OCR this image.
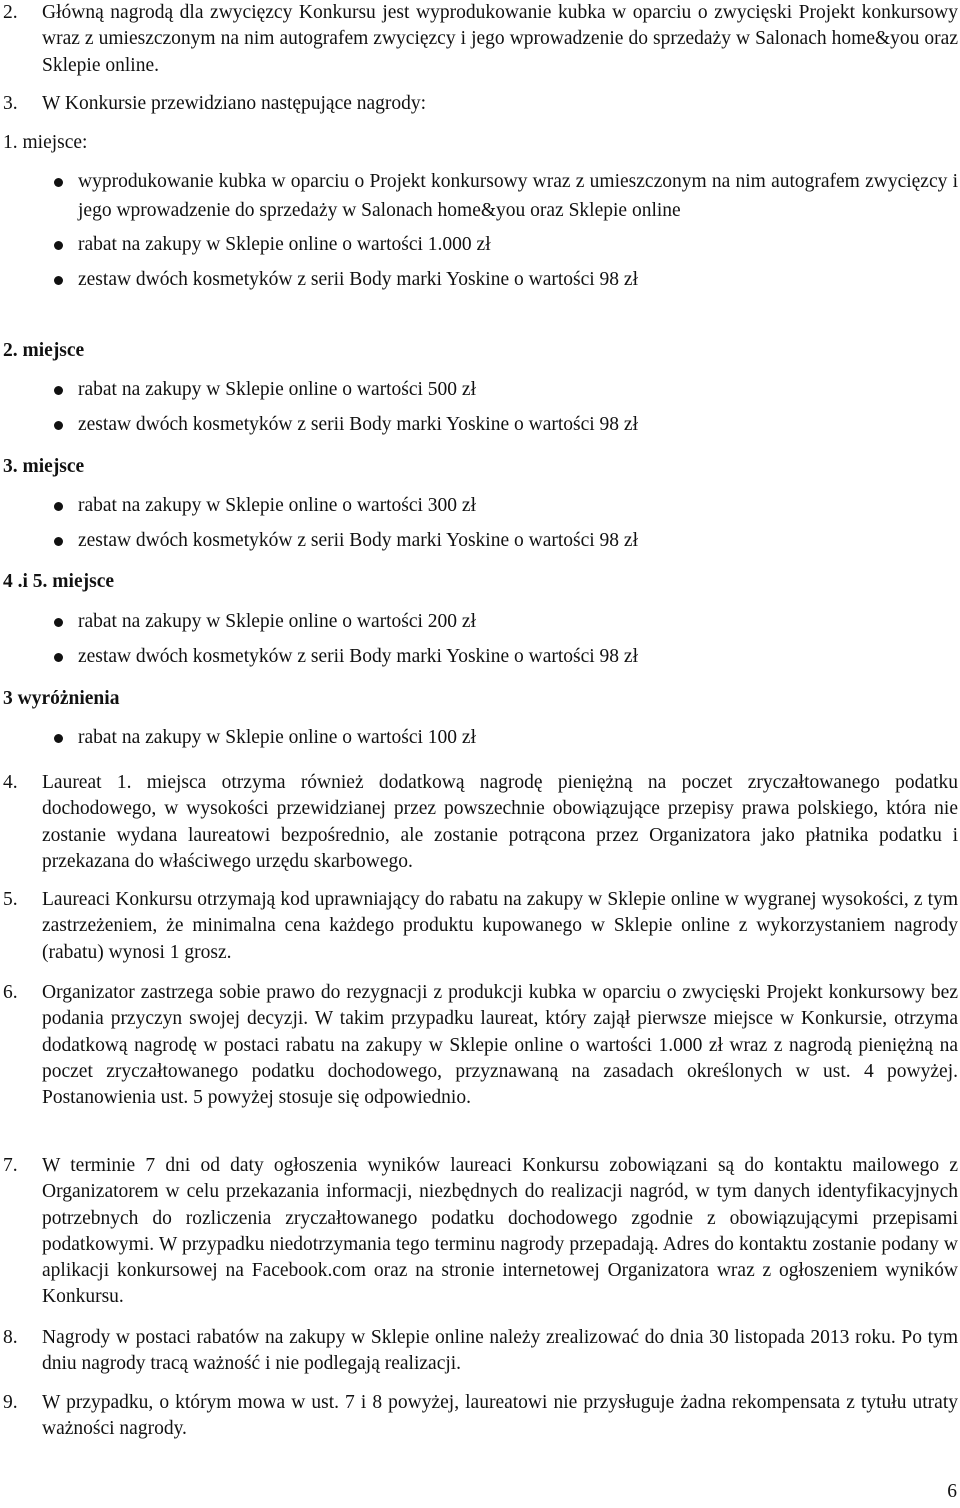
2. Główną nagrodą dla zwycięzcy Konkursu jest wyprodukowanie kubka w oparciu o zwycięski Projekt konkursowy wraz z umieszczonym na nim autografem zwycięzcy i jego wprowadzenie do sprzedaży w Salonach home&you oraz Sklepie online.
3. W Konkursie przewidziano następujące nagrody:
1. miejsce:
wyprodukowanie kubka w oparciu o Projekt konkursowy wraz z umieszczonym na nim autografem zwycięzcy i jego wprowadzenie do sprzedaży w Salonach home&you oraz Sklepie online
rabat na zakupy w Sklepie online o wartości 1.000 zł
zestaw dwóch kosmetyków z serii Body marki Yoskine o wartości 98 zł
2. miejsce
rabat na zakupy w Sklepie online o wartości 500 zł
zestaw dwóch kosmetyków z serii Body marki Yoskine o wartości 98 zł
3. miejsce
rabat na zakupy w Sklepie online o wartości 300 zł
zestaw dwóch kosmetyków z serii Body marki Yoskine o wartości 98 zł
4 .i 5. miejsce
rabat na zakupy w Sklepie online o wartości 200 zł
zestaw dwóch kosmetyków z serii Body marki Yoskine o wartości 98 zł
3 wyróżnienia
rabat na zakupy w Sklepie online o wartości 100 zł
4. Laureat 1. miejsca otrzyma również dodatkową nagrodę pieniężną na poczet zryczałtowanego podatku dochodowego, w wysokości przewidzianej przez powszechnie obowiązujące przepisy prawa polskiego, która nie zostanie wydana laureatowi bezpośrednio, ale zostanie potrącona przez Organizatora jako płatnika podatku i przekazana do właściwego urzędu skarbowego.
5. Laureaci Konkursu otrzymają kod uprawniający do rabatu na zakupy w Sklepie online w wygranej wysokości, z tym zastrzeżeniem, że minimalna cena każdego produktu kupowanego w Sklepie online z wykorzystaniem nagrody (rabatu) wynosi 1 grosz.
6. Organizator zastrzega sobie prawo do rezygnacji z produkcji kubka w oparciu o zwycięski Projekt konkursowy bez podania przyczyn swojej decyzji. W takim przypadku laureat, który zajął pierwsze miejsce w Konkursie, otrzyma dodatkową nagrodę w postaci rabatu na zakupy w Sklepie online o wartości 1.000 zł wraz z nagrodą pieniężną na poczet zryczałtowanego podatku dochodowego, przyznawaną na zasadach określonych w ust. 4 powyżej. Postanowienia ust. 5 powyżej stosuje się odpowiednio.
7. W terminie 7 dni od daty ogłoszenia wyników laureaci Konkursu zobowiązani są do kontaktu mailowego z Organizatorem w celu przekazania informacji, niezbędnych do realizacji nagród, w tym danych identyfikacyjnych potrzebnych do rozliczenia zryczałtowanego podatku dochodowego zgodnie z obowiązującymi przepisami podatkowymi. W przypadku niedotrzymania tego terminu nagrody przepadają. Adres do kontaktu zostanie podany w aplikacji konkursowej na Facebook.com oraz na stronie internetowej Organizatora wraz z ogłoszeniem wyników Konkursu.
8. Nagrody w postaci rabatów na zakupy w Sklepie online należy zrealizować do dnia 30 listopada 2013 roku. Po tym dniu nagrody tracą ważność i nie podlegają realizacji.
9. W przypadku, o którym mowa w ust. 7 i 8 powyżej, laureatowi nie przysługuje żadna rekompensata z tytułu utraty ważności nagrody.
6
